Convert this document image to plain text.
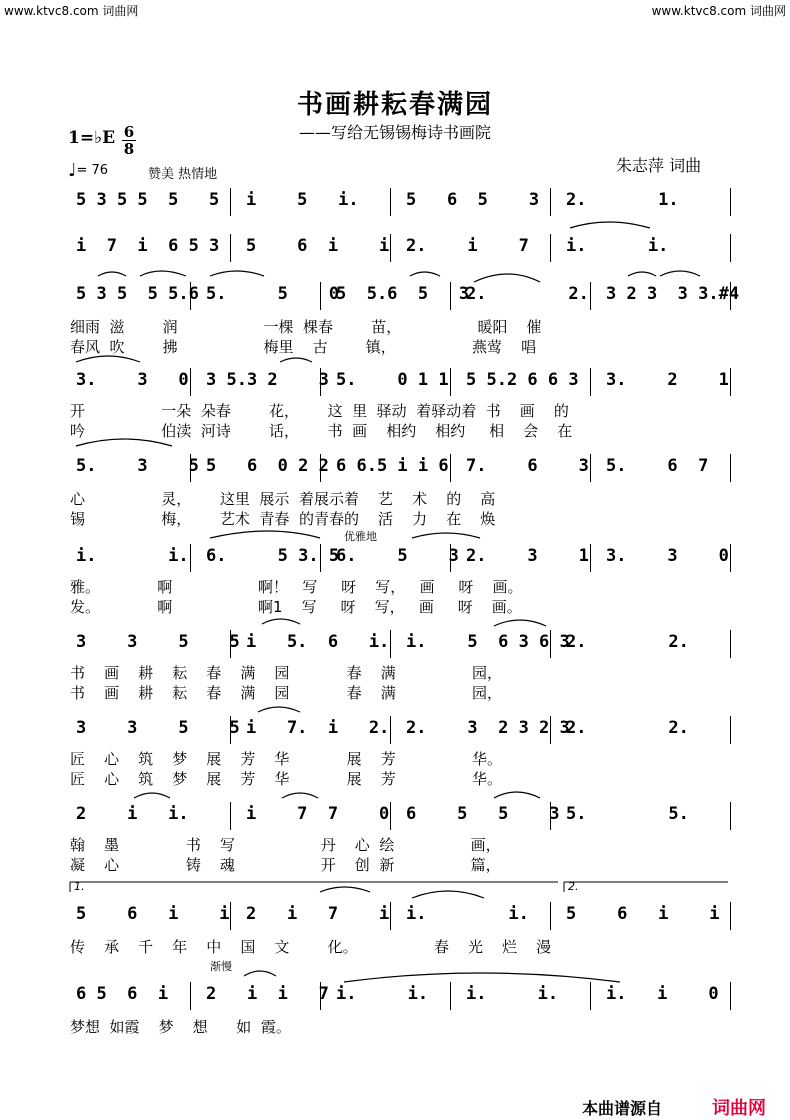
www.ktvc8.com 词曲网	www.ktvc8.com 词曲网
书画耕耘春满园
——写给无锡锡梅诗书画院
1=♭E 6
8
♩= 76	赞美 热情地	朱志萍 词曲
5 3 5 5  5   5 i    5   i.	5   6  5    3 2.       1.
i  7  i  6 5 3 5    6  i    i 2.    i    7 i.      i.
5 3 5  5 5.6 5.     5    0
5  5.6  5   3
2.        2. 3 2 3  3 3.#4
3.    3   0 3 5.3 2    3 5.    0 1 1 5 5.2 6 6 3 3.    2    1
5.    3    5 5   6  0 2 2 6 6.5 i i 6 7.    6    3 5.    6  7
i.       i. 6.     5 3. 5
6.    5    3 2.    3    1 3.    3    0
3    3    5    5 i   5.  6   i. i.    5  6 3 6 3
2.        2.
3    3    5    5 i   7.  i   2. 2.    3  2 3 2 3
2.        2.
2    i   i.	i    7  7    0 6    5   5    3 5.        5.
5    6   i    i 2   i   7    i i.        i. 5    6   i    i
6 5  6  i 2   i  i   7 i.     i. i.     i.	i.   i    0
细雨  滋        润                  一棵  棵春        苗，                暖阳    催
春风  吹        拂                  梅里    古        镇，                燕莺    唱
开                一朵  朵春        花，      这  里  驿动  着驿动着  书    画    的
吟                伯渎  河诗        话，      书  画    相约    相约     相    会    在
心                灵，      这里  展示  着展示着    艺    术    的    高
锡                梅，      艺术  青春  的青春的    活    力    在    焕
雅。            啊                  啊！   写     呀    写，   画     呀    画。
发。            啊                  啊1    写     呀    写，   画     呀    画。
书    画    耕    耘    春    满    园            春    满                园，
书    画    耕    耘    春    满    园            春    满                园，
匠    心    筑    梦    展    芳    华            展    芳                华。
匠    心    筑    梦    展    芳    华            展    芳                华。
翰    墨              书    写                  丹    心  绘                画，
凝    心              铸    魂                  开    创  新                篇，
传    承    千    年    中    国    文        化。                春    光    烂    漫
梦想  如霞    梦    想      如  霞。
优雅地
渐慢
1.	2.
本曲谱源自	词曲网
